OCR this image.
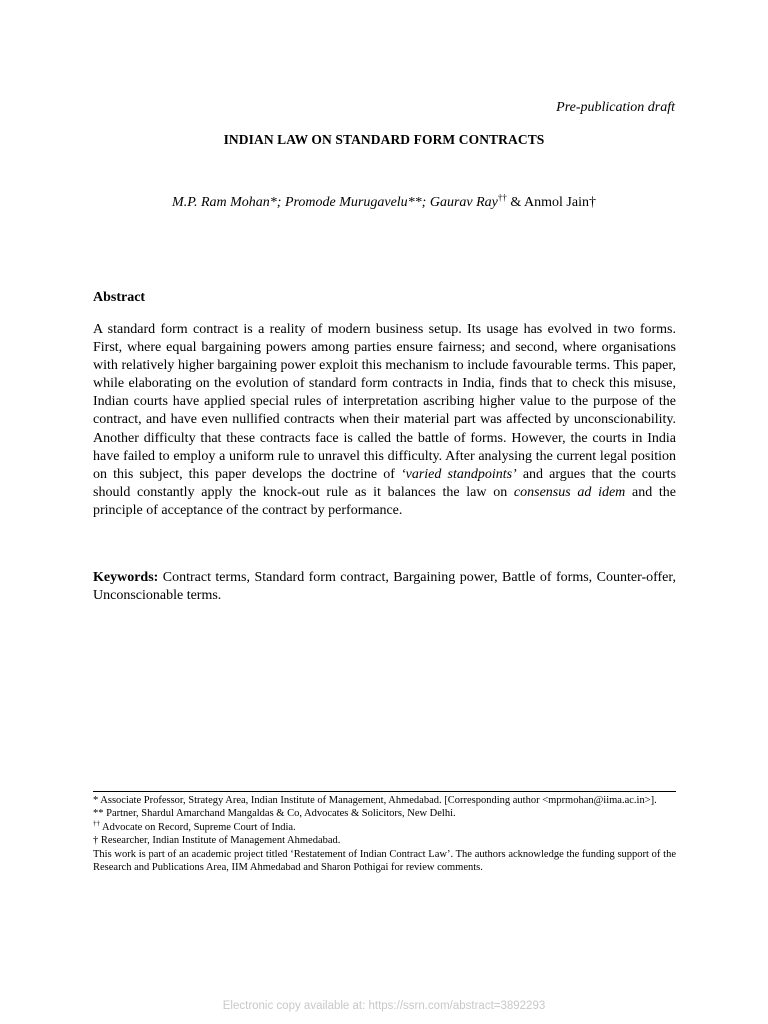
Pre-publication draft
INDIAN LAW ON STANDARD FORM CONTRACTS
M.P. Ram Mohan*; Promode Murugavelu**; Gaurav Ray†† & Anmol Jain†
Abstract
A standard form contract is a reality of modern business setup. Its usage has evolved in two forms. First, where equal bargaining powers among parties ensure fairness; and second, where organisations with relatively higher bargaining power exploit this mechanism to include favourable terms. This paper, while elaborating on the evolution of standard form contracts in India, finds that to check this misuse, Indian courts have applied special rules of interpretation ascribing higher value to the purpose of the contract, and have even nullified contracts when their material part was affected by unconscionability. Another difficulty that these contracts face is called the battle of forms. However, the courts in India have failed to employ a uniform rule to unravel this difficulty. After analysing the current legal position on this subject, this paper develops the doctrine of ‘varied standpoints’ and argues that the courts should constantly apply the knock-out rule as it balances the law on consensus ad idem and the principle of acceptance of the contract by performance.
Keywords: Contract terms, Standard form contract, Bargaining power, Battle of forms, Counter-offer, Unconscionable terms.
* Associate Professor, Strategy Area, Indian Institute of Management, Ahmedabad. [Corresponding author <mprmohan@iima.ac.in>].
** Partner, Shardul Amarchand Mangaldas & Co, Advocates & Solicitors, New Delhi.
†† Advocate on Record, Supreme Court of India.
† Researcher, Indian Institute of Management Ahmedabad.
This work is part of an academic project titled ‘Restatement of Indian Contract Law’. The authors acknowledge the funding support of the Research and Publications Area, IIM Ahmedabad and Sharon Pothigai for review comments.
Electronic copy available at: https://ssrn.com/abstract=3892293
